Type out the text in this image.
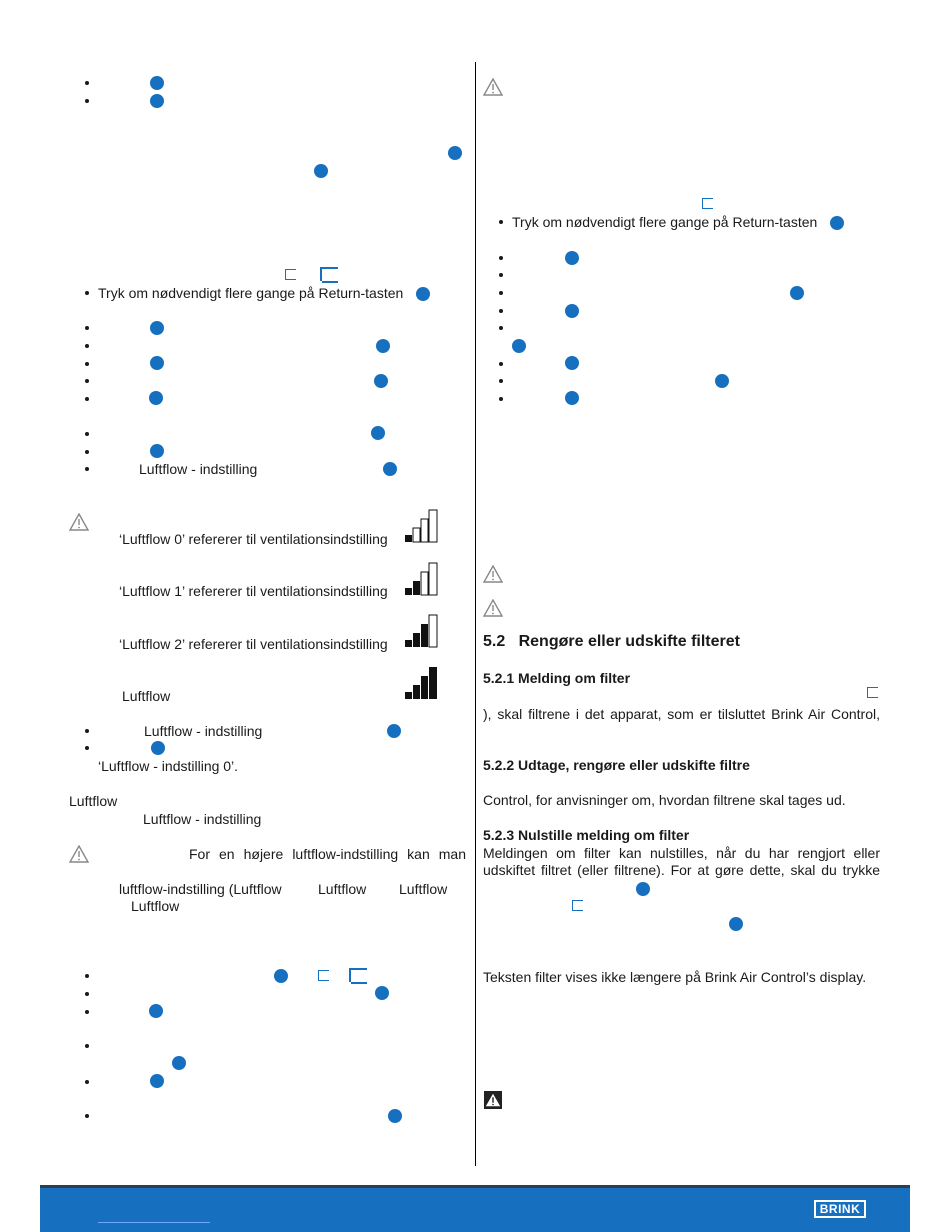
Tryk om nødvendigt flere gange på Return-tasten
Luftflow - indstilling
‘Luftflow 0’ refererer til ventilationsindstilling
‘Luftflow 1’ refererer til ventilationsindstilling
‘Luftflow 2’ refererer til ventilationsindstilling
Luftflow
Luftflow - indstilling
‘Luftflow - indstilling 0’.
Luftflow
Luftflow - indstilling
For en højere luftflow-indstilling kan man
luftflow-indstilling (Luftflow	Luftflow Luftflow
Luftflow
Tryk om nødvendigt flere gange på Return-tasten
5.2 Rengøre eller udskifte filteret
5.2.1 Melding om filter
), skal filtrene i det apparat, som er tilsluttet Brink Air Control,
5.2.2 Udtage, rengøre eller udskifte filtre
Control, for anvisninger om, hvordan filtrene skal tages ud.
5.2.3 Nulstille melding om filter
Meldingen om filter kan nulstilles, når du har rengjort eller
udskiftet filtret (eller filtrene). For at gøre dette, skal du trykke
Teksten filter vises ikke længere på Brink Air Control’s display.
BRINK
